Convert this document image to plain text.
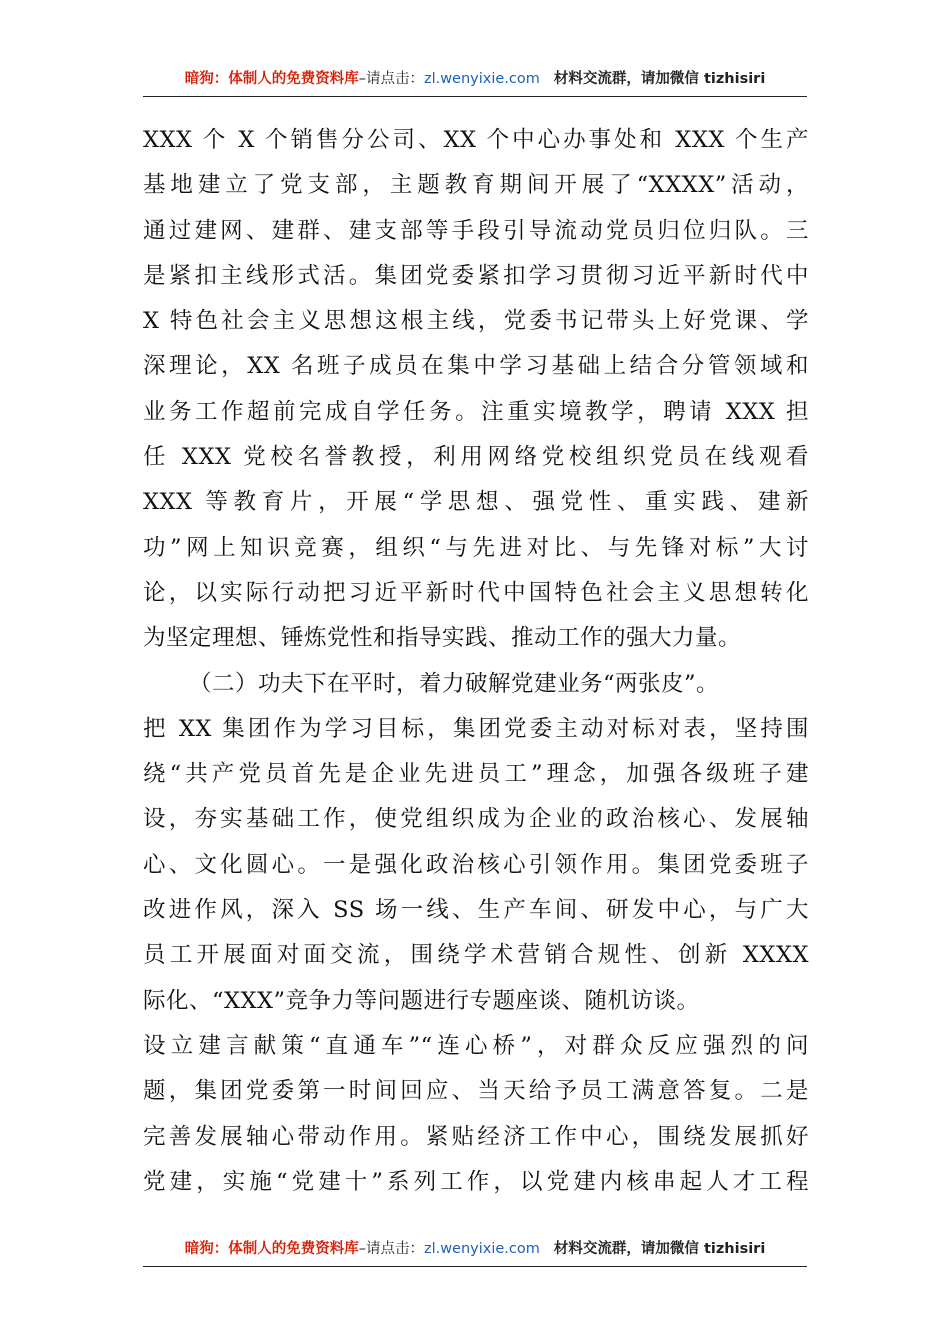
暗狗：体制人的免费资料库–请点击：zl.wenyixie.com 材料交流群，请加微信 tizhisiri
XXX 个 X 个销售分公司、XX 个中心办事处和 XXX 个生产
基地建立了党支部，主题教育期间开展了“XXXX”活动，
通过建网、建群、建支部等手段引导流动党员归位归队。三
是紧扣主线形式活。集团党委紧扣学习贯彻习近平新时代中
X 特色社会主义思想这根主线，党委书记带头上好党课、学
深理论，XX 名班子成员在集中学习基础上结合分管领域和
业务工作超前完成自学任务。注重实境教学，聘请 XXX 担
任 XXX 党校名誉教授，利用网络党校组织党员在线观看
XXX 等教育片，开展“学思想、强党性、重实践、建新
功”网上知识竞赛，组织“与先进对比、与先锋对标”大讨
论，以实际行动把习近平新时代中国特色社会主义思想转化
为坚定理想、锤炼党性和指导实践、推动工作的强大力量。
（二）功夫下在平时，着力破解党建业务“两张皮”。
把 XX 集团作为学习目标，集团党委主动对标对表，坚持围
绕“共产党员首先是企业先进员工”理念，加强各级班子建
设，夯实基础工作，使党组织成为企业的政治核心、发展轴
心、文化圆心。一是强化政治核心引领作用。集团党委班子
改进作风，深入 SS 场一线、生产车间、研发中心，与广大
员工开展面对面交流，围绕学术营销合规性、创新 XXXX
际化、“XXX”竞争力等问题进行专题座谈、随机访谈。
设立建言献策“直通车”“连心桥”，对群众反应强烈的问
题，集团党委第一时间回应、当天给予员工满意答复。二是
完善发展轴心带动作用。紧贴经济工作中心，围绕发展抓好
党建，实施“党建十”系列工作，以党建内核串起人才工程
暗狗：体制人的免费资料库–请点击：zl.wenyixie.com 材料交流群，请加微信 tizhisiri
